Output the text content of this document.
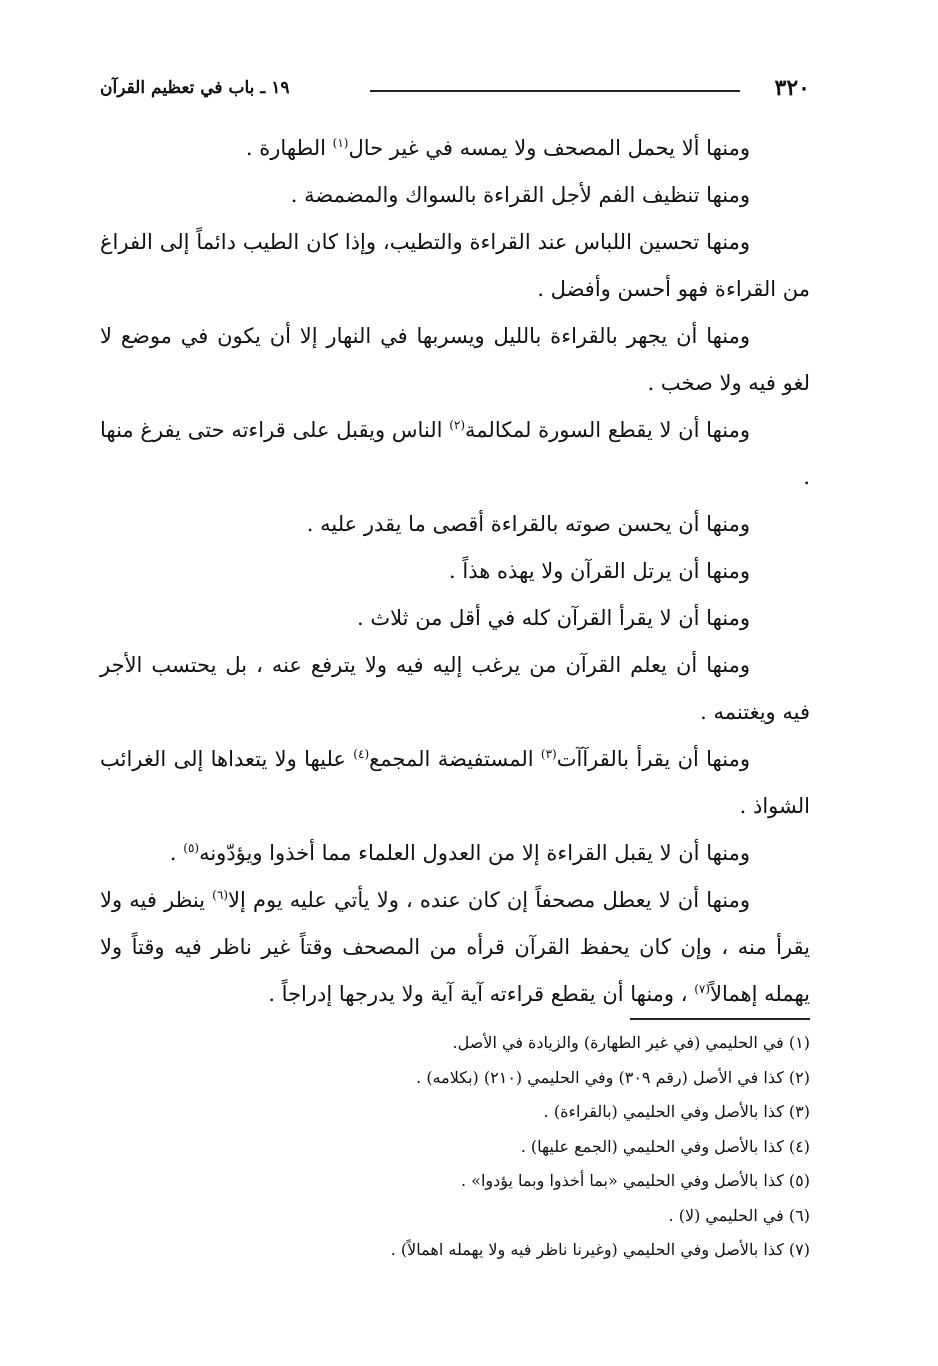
٣٢٠
١٩ ـ باب في تعظيم القرآن

ومنها ألا يحمل المصحف ولا يمسه في غير حال$^{(١)}$ الطهارة .

ومنها تنظيف الفم لأجل القراءة بالسواك والمضمضة .

ومنها تحسين اللباس عند القراءة والتطيب، وإذا كان الطيب دائماً إلى الفراغ من القراءة فهو أحسن وأفضل .

ومنها أن يجهر بالقراءة بالليل ويسربها في النهار إلا أن يكون في موضع لا لغو فيه ولا صخب .

ومنها أن لا يقطع السورة لمكالمة$^{(٢)}$ الناس ويقبل على قراءته حتى يفرغ منها .

ومنها أن يحسن صوته بالقراءة أقصى ما يقدر عليه .

ومنها أن يرتل القرآن ولا يهذه هذاً .

ومنها أن لا يقرأ القرآن كله في أقل من ثلاث .

ومنها أن يعلم القرآن من يرغب إليه فيه ولا يترفع عنه ، بل يحتسب الأجر فيه ويغتنمه .

ومنها أن يقرأ بالقرآآت$^{(٣)}$ المستفيضة المجمع$^{(٤)}$ عليها ولا يتعداها إلى الغرائب الشواذ .

ومنها أن لا يقبل القراءة إلا من العدول العلماء مما أخذوا ويؤدّونه$^{(٥)}$ .

ومنها أن لا يعطل مصحفاً إن كان عنده ، ولا يأتي عليه يوم إلا$^{(٦)}$ ينظر فيه ولا يقرأ منه ، وإن كان يحفظ القرآن قرأه من المصحف وقتاً غير ناظر فيه وقتاً ولا يهمله إهمالاً$^{(٧)}$ ، ومنها أن يقطع قراءته آية آية ولا يدرجها إدراجاً .

(١) في الحليمي (في غير الطهارة) والزيادة في الأصل.

(٢) كذا في الأصل (رقم ٣٠٩) وفي الحليمي (٢١٠) (بكلامه) .

(٣) كذا بالأصل وفي الحليمي (بالقراءة) .

(٤) كذا بالأصل وفي الحليمي (الجمع عليها) .

(٥) كذا بالأصل وفي الحليمي «بما أخذوا وبما يؤدوا» .

(٦) في الحليمي (لا) .

(٧) كذا بالأصل وفي الحليمي (وغيرنا ناظر فيه ولا يهمله اهمالاً) .
